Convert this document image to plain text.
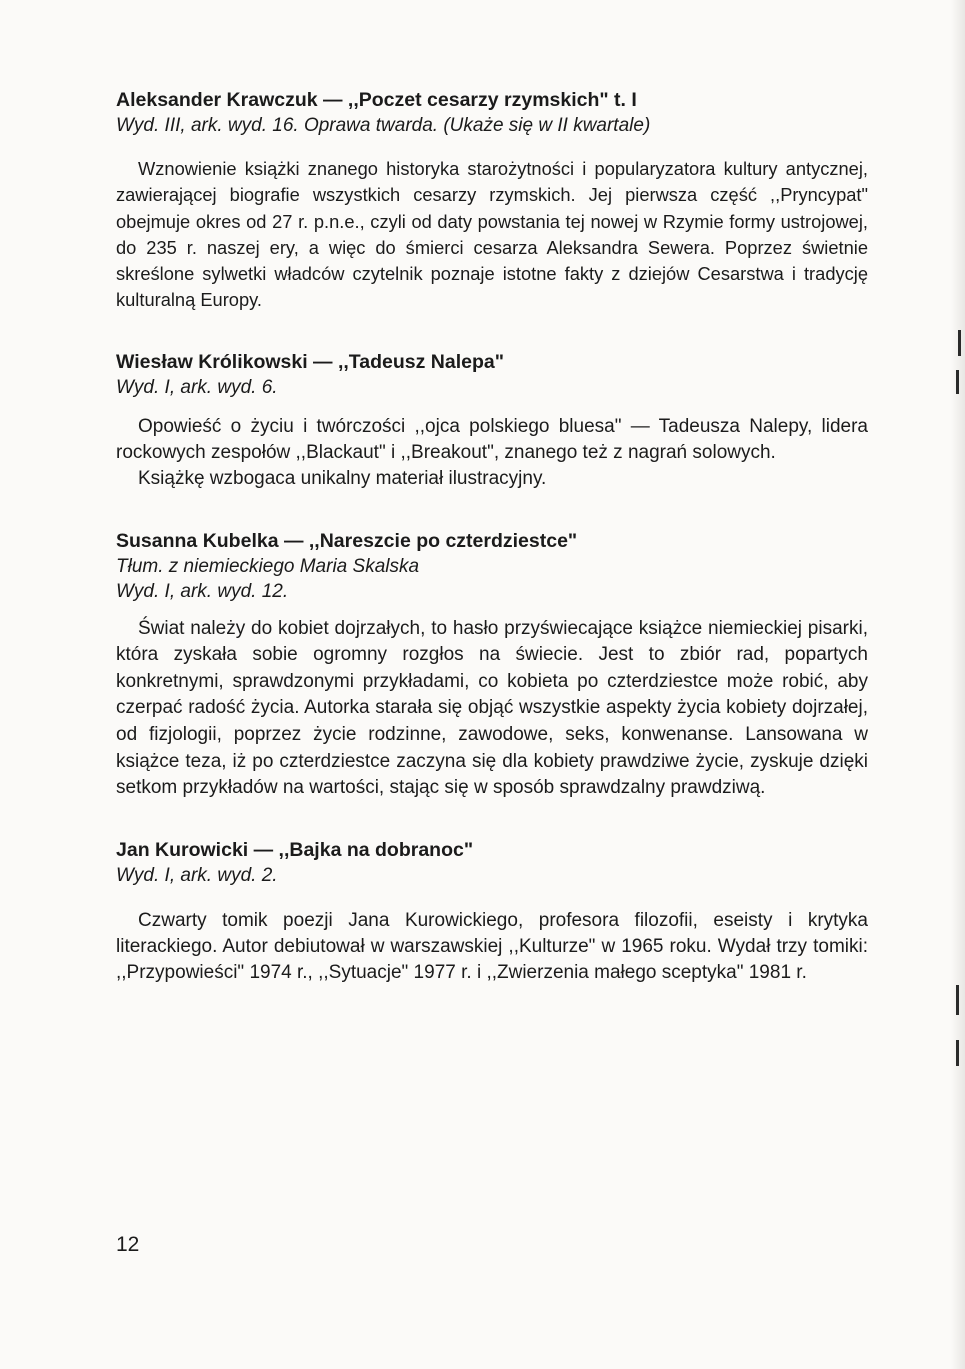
Aleksander Krawczuk — ,,Poczet cesarzy rzymskich" t. I

Wyd. III, ark. wyd. 16. Oprawa twarda. (Ukaże się w II kwartale)

Wznowienie książki znanego historyka starożytności i popularyzatora kultury antycznej, zawierającej biografie wszystkich cesarzy rzymskich. Jej pierwsza część ,,Pryncypat" obejmuje okres od 27 r. p.n.e., czyli od daty powstania tej nowej w Rzymie formy ustrojowej, do 235 r. naszej ery, a więc do śmierci cesarza Aleksandra Sewera. Poprzez świetnie skreślone sylwetki władców czytelnik poznaje istotne fakty z dziejów Cesarstwa i tradycję kulturalną Europy.

Wiesław Królikowski — ,,Tadeusz Nalepa"

Wyd. I, ark. wyd. 6.

Opowieść o życiu i twórczości ,,ojca polskiego bluesa" — Tadeusza Nalepy, lidera rockowych zespołów ,,Blackaut" i ,,Breakout", znanego też z nagrań solowych.

Książkę wzbogaca unikalny materiał ilustracyjny.

Susanna Kubelka — ,,Nareszcie po czterdziestce"

Tłum. z niemieckiego Maria Skalska

Wyd. I, ark. wyd. 12.

Świat należy do kobiet dojrzałych, to hasło przyświecające książce niemieckiej pisarki, która zyskała sobie ogromny rozgłos na świecie. Jest to zbiór rad, popartych konkretnymi, sprawdzonymi przykładami, co kobieta po czterdziestce może robić, aby czerpać radość życia. Autorka starała się objąć wszystkie aspekty życia kobiety dojrzałej, od fizjologii, poprzez życie rodzinne, zawodowe, seks, konwenanse. Lansowana w książce teza, iż po czterdziestce zaczyna się dla kobiety prawdziwe życie, zyskuje dzięki setkom przykładów na wartości, stając się w sposób sprawdzalny prawdziwą.

Jan Kurowicki — ,,Bajka na dobranoc"

Wyd. I, ark. wyd. 2.

Czwarty tomik poezji Jana Kurowickiego, profesora filozofii, eseisty i krytyka literackiego. Autor debiutował w warszawskiej ,,Kulturze" w 1965 roku. Wydał trzy tomiki: ,,Przypowieści" 1974 r., ,,Sytuacje" 1977 r. i ,,Zwierzenia małego sceptyka" 1981 r.

12
